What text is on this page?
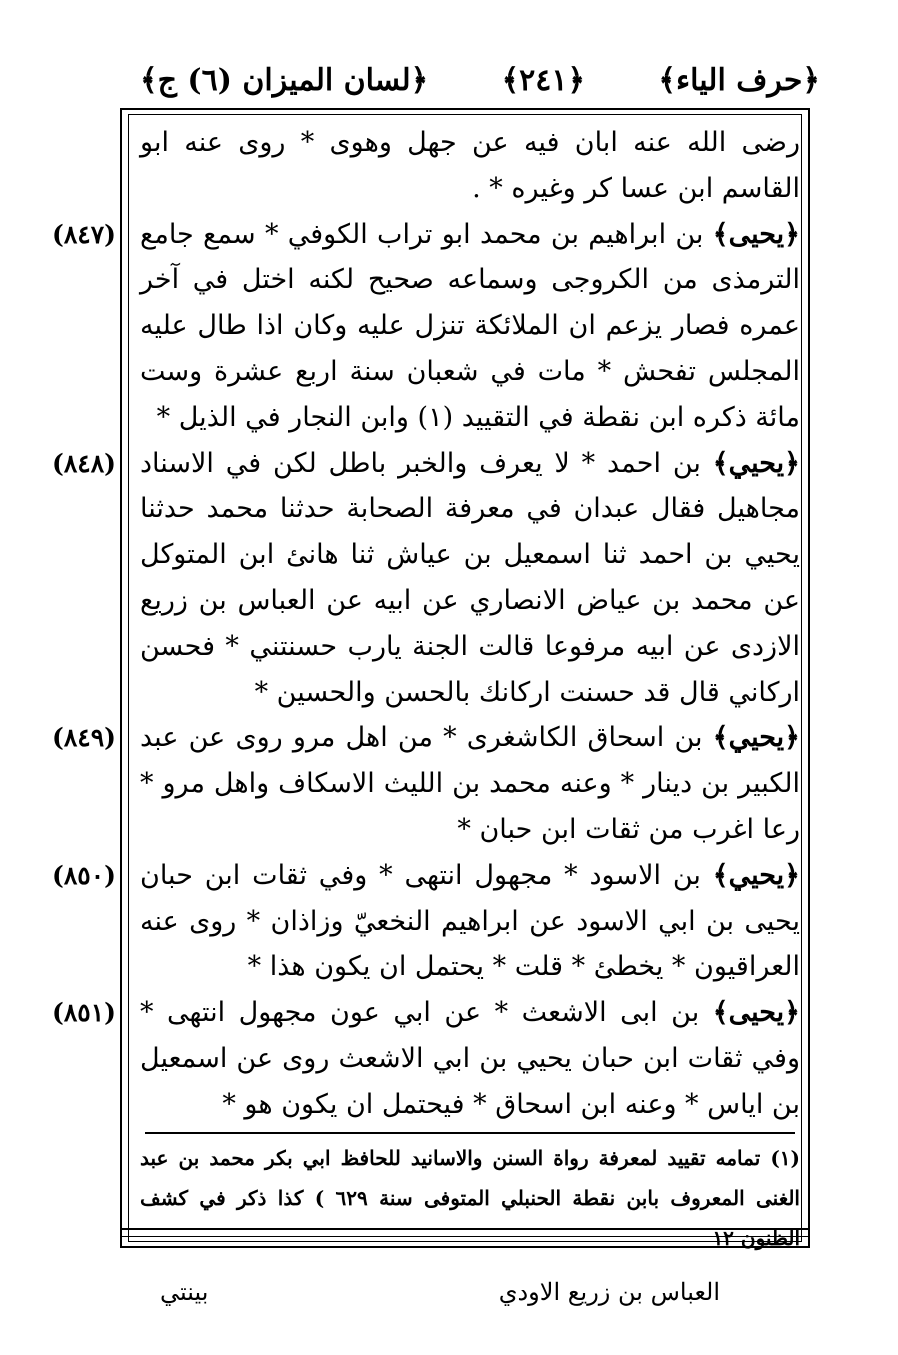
﴿حرف الياء﴾
﴿٢٤١﴾
﴿لسان الميزان (٦) ج﴾

رضى الله عنه ابان فيه عن جهل وهوى * روى عنه ابو القاسم ابن عسا كر وغيره * .

(٨٤٧)	﴿يحيى﴾ بن ابراهيم بن محمد ابو تراب الكوفي * سمع جامع الترمذى من الكروجى وسماعه صحيح لكنه اختل في آخر عمره فصار يزعم ان الملائكة تنزل عليه وكان اذا طال عليه المجلس تفحش * مات في شعبان سنة اربع عشرة وست مائة ذكره ابن نقطة في التقييد (١) وابن النجار في الذيل *

(٨٤٨)	﴿يحيي﴾ بن احمد * لا يعرف والخبر باطل لكن في الاسناد مجاهيل فقال عبدان في معرفة الصحابة حدثنا محمد حدثنا يحيي بن احمد ثنا اسمعيل بن عياش ثنا هانئ ابن المتوكل عن محمد بن عياض الانصاري عن ابيه عن العباس بن زريع الازدى عن ابيه مرفوعا قالت الجنة يارب حسنتني * فحسن اركاني قال قد حسنت اركانك بالحسن والحسين *

(٨٤٩)	﴿يحيي﴾ بن اسحاق الكاشغرى * من اهل مرو روى عن عبد الكبير بن دينار * وعنه محمد بن الليث الاسكاف واهل مرو * رعا اغرب من ثقات ابن حبان *

(٨٥٠)	﴿يحيي﴾ بن الاسود * مجهول انتهى * وفي ثقات ابن حبان يحيى بن ابي الاسود عن ابراهيم النخعيّ وزاذان * روى عنه العراقيون * يخطئ * قلت * يحتمل ان يكون هذا *

(٨٥١)	﴿يحيى﴾ بن ابى الاشعث * عن ابي عون مجهول انتهى * وفي ثقات ابن حبان يحيي بن ابي الاشعث روى عن اسمعيل بن اياس * وعنه ابن اسحاق * فيحتمل ان يكون هو *

(١) تمامه تقييد لمعرفة رواة السنن والاسانيد للحافظ ابي بكر محمد بن عبد الغنى المعروف بابن نقطة الحنبلي المتوفى سنة ٦٢٩ ) كذا ذكر في كشف الظنون ١٢
العباس بن زريع الاودي
بينتي
